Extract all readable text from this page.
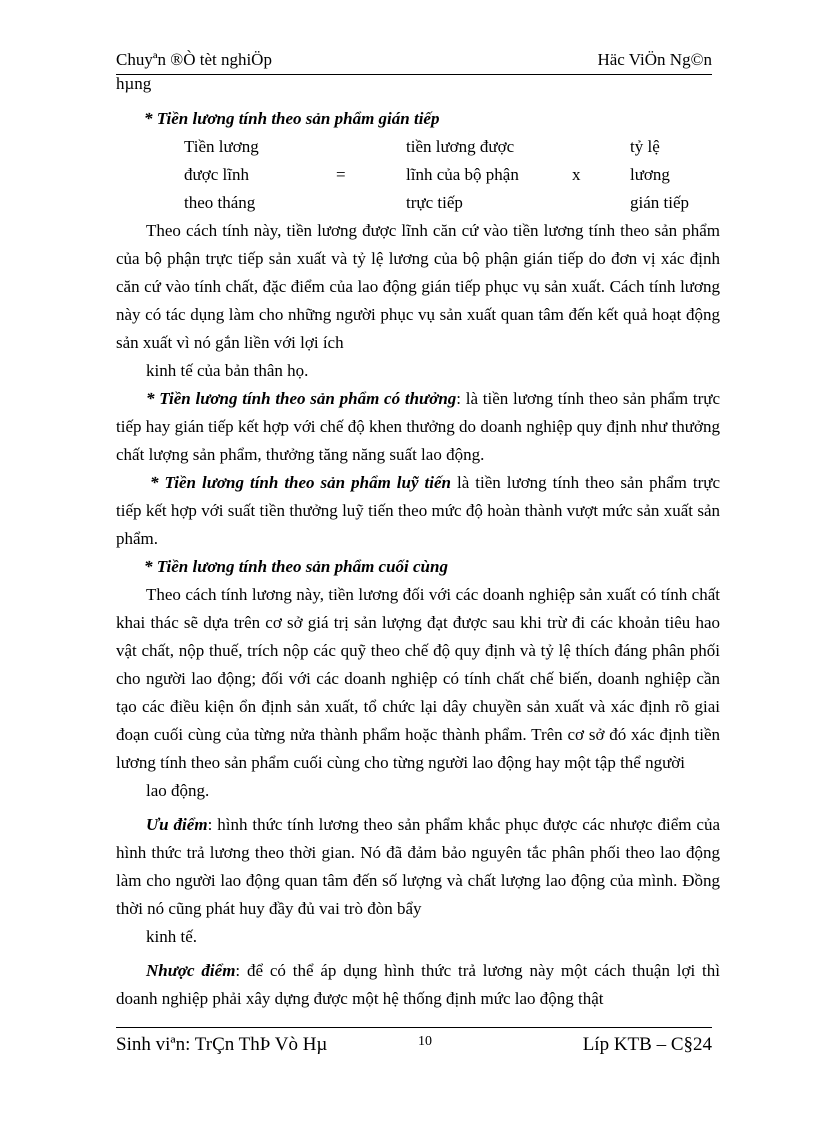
Chuyªn ®Ò tèt nghiÖp	Häc ViÖn Ng©n
hµng

* Tiền lương tính theo sản phẩm gián tiếp

Tiền lương	tiền lương được	tỷ lệ
được lĩnh	=	lĩnh của bộ phận	x	lương
theo tháng	trực tiếp	gián tiếp

Theo cách tính này, tiền lương được lĩnh căn cứ vào tiền lương tính theo sản phẩm của bộ phận trực tiếp sản xuất và tỷ lệ lương của bộ phận gián tiếp do đơn vị xác định căn cứ vào tính chất, đặc điểm của lao động gián tiếp phục vụ sản xuất. Cách tính lương này có tác dụng làm cho những người phục vụ sản xuất quan tâm đến kết quả hoạt động sản xuất vì nó gắn liền với lợi ích
kinh tế của bản thân họ.

* Tiền lương tính theo sản phẩm có thưởng: là tiền lương tính theo sản phẩm trực tiếp hay gián tiếp kết hợp với chế độ khen thưởng do doanh nghiệp quy định như thưởng chất lượng sản phẩm, thưởng tăng năng suất lao động.

* Tiền lương tính theo sản phẩm luỹ tiến là tiền lương tính theo sản phẩm trực tiếp kết hợp với suất tiền thưởng luỹ tiến theo mức độ hoàn thành vượt mức sản xuất sản phẩm.

* Tiền lương tính theo sản phẩm cuối cùng

Theo cách tính lương này, tiền lương đối với các doanh nghiệp sản xuất có tính chất khai thác sẽ dựa trên cơ sở giá trị sản lượng đạt được sau khi trừ đi các khoản tiêu hao vật chất, nộp thuế, trích nộp các quỹ theo chế độ quy định và tỷ lệ thích đáng phân phối cho người lao động; đối với các doanh nghiệp có tính chất chế biến, doanh nghiệp cần tạo các điều kiện ổn định sản xuất, tổ chức lại dây chuyền sản xuất và xác định rõ giai đoạn cuối cùng của từng nửa thành phẩm hoặc thành phẩm. Trên cơ sở đó xác định tiền lương tính theo sản phẩm cuối cùng cho từng người lao động hay một tập thể người
lao động.

Ưu điểm: hình thức tính lương theo sản phẩm khắc phục được các nhược điểm của hình thức trả lương theo thời gian. Nó đã đảm bảo nguyên tắc phân phối theo lao động làm cho người lao động quan tâm đến số lượng và chất lượng lao động của mình. Đồng thời nó cũng phát huy đầy đủ vai trò đòn bẩy
kinh tế.

Nhược điểm: để có thể áp dụng hình thức trả lương này một cách thuận lợi thì doanh nghiệp phải xây dựng được một hệ thống định mức lao động thật

Sinh viªn: TrÇn ThÞ Vò Hµ	10	Líp KTB – C§24
